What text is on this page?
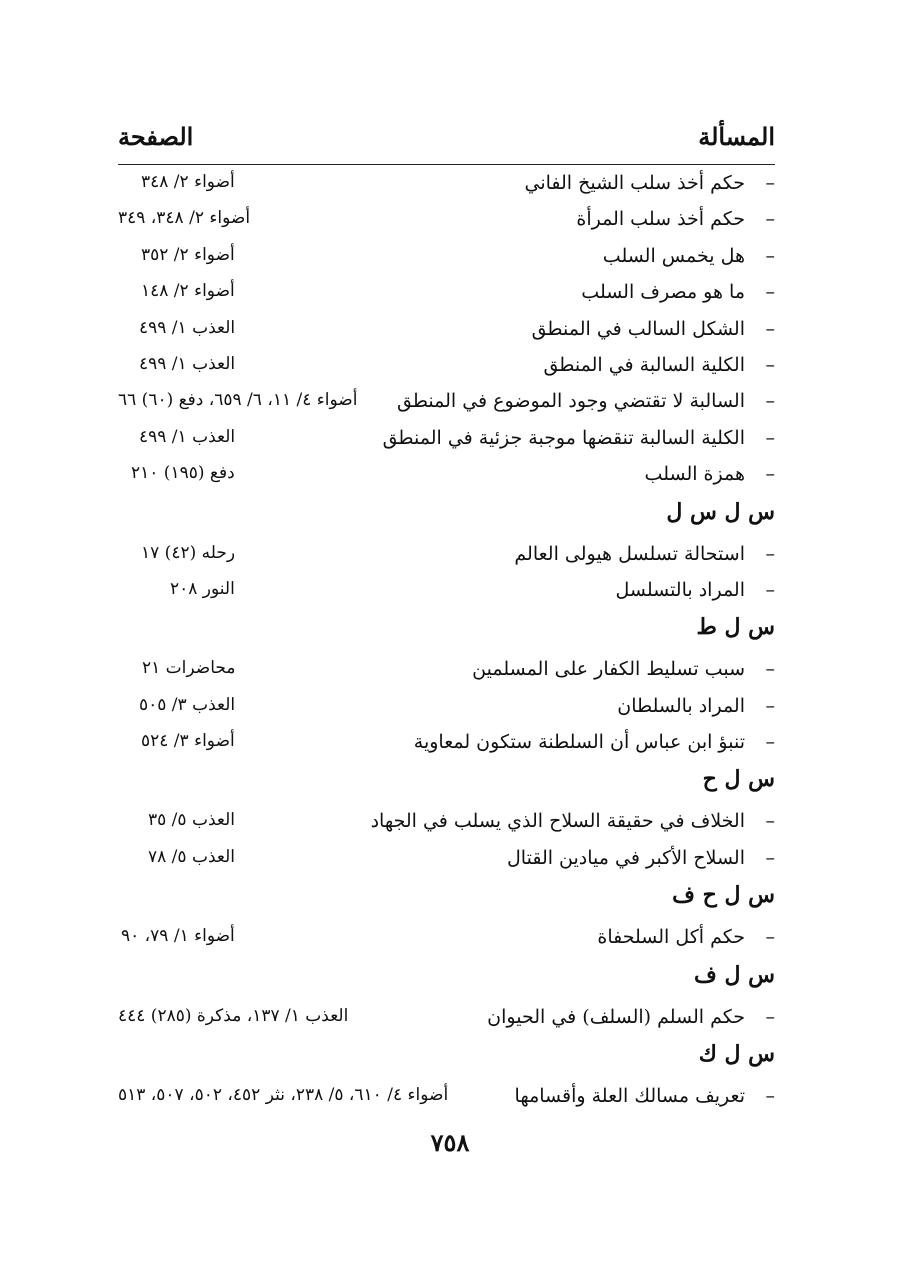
المسألة
الصفحة
–
حكم أخذ سلب الشيخ الفاني
أضواء ٢/ ٣٤٨
–
حكم أخذ سلب المرأة
أضواء ٢/ ٣٤٨، ٣٤٩
–
هل يخمس السلب
أضواء ٢/ ٣٥٢
–
ما هو مصرف السلب
أضواء ٢/ ١٤٨
–
الشكل السالب في المنطق
العذب ١/ ٤٩٩
–
الكلية السالبة في المنطق
العذب ١/ ٤٩٩
–
السالبة لا تقتضي وجود الموضوع في المنطق
أضواء ٤/ ١١، ٦/ ٦٥٩، دفع (٦٠) ٦٦
–
الكلية السالبة تنقضها موجبة جزئية في المنطق
العذب ١/ ٤٩٩
–
همزة السلب
دفع (١٩٥) ٢١٠
س ل س ل
–
استحالة تسلسل هيولى العالم
رحله (٤٢) ١٧
–
المراد بالتسلسل
النور ٢٠٨
س ل ط
–
سبب تسليط الكفار على المسلمين
محاضرات ٢١
–
المراد بالسلطان
العذب ٣/ ٥٠٥
–
تنبؤ ابن عباس أن السلطنة ستكون لمعاوية
أضواء ٣/ ٥٢٤
س ل ح
–
الخلاف في حقيقة السلاح الذي يسلب في الجهاد
العذب ٥/ ٣٥
–
السلاح الأكبر في ميادين القتال
العذب ٥/ ٧٨
س ل ح ف
–
حكم أكل السلحفاة
أضواء ١/ ٧٩، ٩٠
س ل ف
–
حكم السلم (السلف) في الحيوان
العذب ١/ ١٣٧، مذكرة (٢٨٥) ٤٤٤
س ل ك
–
تعريف مسالك العلة وأقسامها
أضواء ٤/ ٦١٠، ٥/ ٢٣٨، نثر ٤٥٢، ٥٠٢، ٥٠٧، ٥١٣
٧٥٨
